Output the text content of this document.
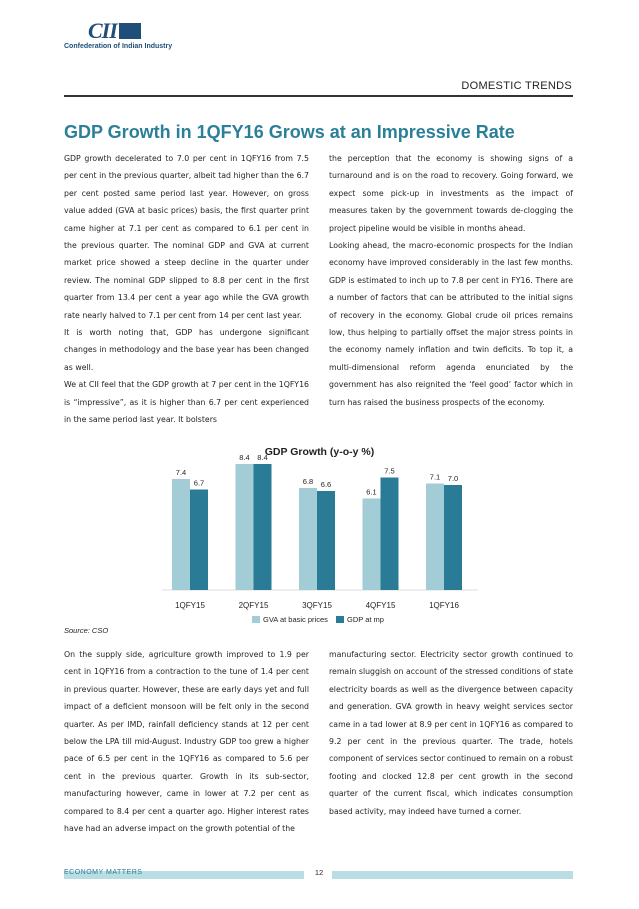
CII
Confederation of Indian Industry
DOMESTIC TRENDS
GDP Growth in 1QFY16 Grows at an Impressive Rate

GDP growth decelerated to 7.0 per cent in 1QFY16 from 7.5 per cent in the previous quarter, albeit tad higher than the 6.7 per cent posted same period last year. However, on gross value added (GVA at basic prices) basis, the first quarter print came higher at 7.1 per cent as compared to 6.1 per cent in the previous quarter. The nominal GDP and GVA at current market price showed a steep decline in the quarter under review. The nominal GDP slipped to 8.8 per cent in the first quarter from 13.4 per cent a year ago while the GVA growth rate nearly halved to 7.1 per cent from 14 per cent last year.

It is worth noting that, GDP has undergone significant changes in methodology and the base year has been changed as well.

We at CII feel that the GDP growth at 7 per cent in the 1QFY16 is “impressive”, as it is higher than 6.7 per cent experienced in the same period last year. It bolsters

the perception that the economy is showing signs of a turnaround and is on the road to recovery. Going forward, we expect some pick-up in investments as the impact of measures taken by the government towards de-clogging the project pipeline would be visible in months ahead.

Looking ahead, the macro-economic prospects for the Indian economy have improved considerably in the last few months. GDP is estimated to inch up to 7.8 per cent in FY16. There are a number of factors that can be attributed to the initial signs of recovery in the economy. Global crude oil prices remains low, thus helping to partially offset the major stress points in the economy namely inflation and twin deficits. To top it, a multi-dimensional reform agenda enunciated by the government has also reignited the ‘feel good’ factor which in turn has raised the business prospects of the economy.

GDP Growth (y-o-y %)
7.4
6.7
1QFY15
8.4 8.4
2QFY15
6.8 6.6
3QFY15
6.1
7.5
4QFY15
7.1 7.0
1QFY16
GVA at basic prices	GDP at mp
Source: CSO

On the supply side, agriculture growth improved to 1.9 per cent in 1QFY16 from a contraction to the tune of 1.4 per cent in previous quarter. However, these are early days yet and full impact of a deficient monsoon will be felt only in the second quarter. As per IMD, rainfall deficiency stands at 12 per cent below the LPA till mid-August. Industry GDP too grew a higher pace of 6.5 per cent in the 1QFY16 as compared to 5.6 per cent in the previous quarter. Growth in its sub-sector, manufacturing however, came in lower at 7.2 per cent as compared to 8.4 per cent a quarter ago. Higher interest rates have had an adverse impact on the growth potential of the

manufacturing sector. Electricity sector growth continued to remain sluggish on account of the stressed conditions of state electricity boards as well as the divergence between capacity and generation. GVA growth in heavy weight services sector came in a tad lower at 8.9 per cent in 1QFY16 as compared to 9.2 per cent in the previous quarter. The trade, hotels component of services sector continued to remain on a robust footing and clocked 12.8 per cent growth in the second quarter of the current fiscal, which indicates consumption based activity, may indeed have turned a corner.

ECONOMY MATTERS	12
